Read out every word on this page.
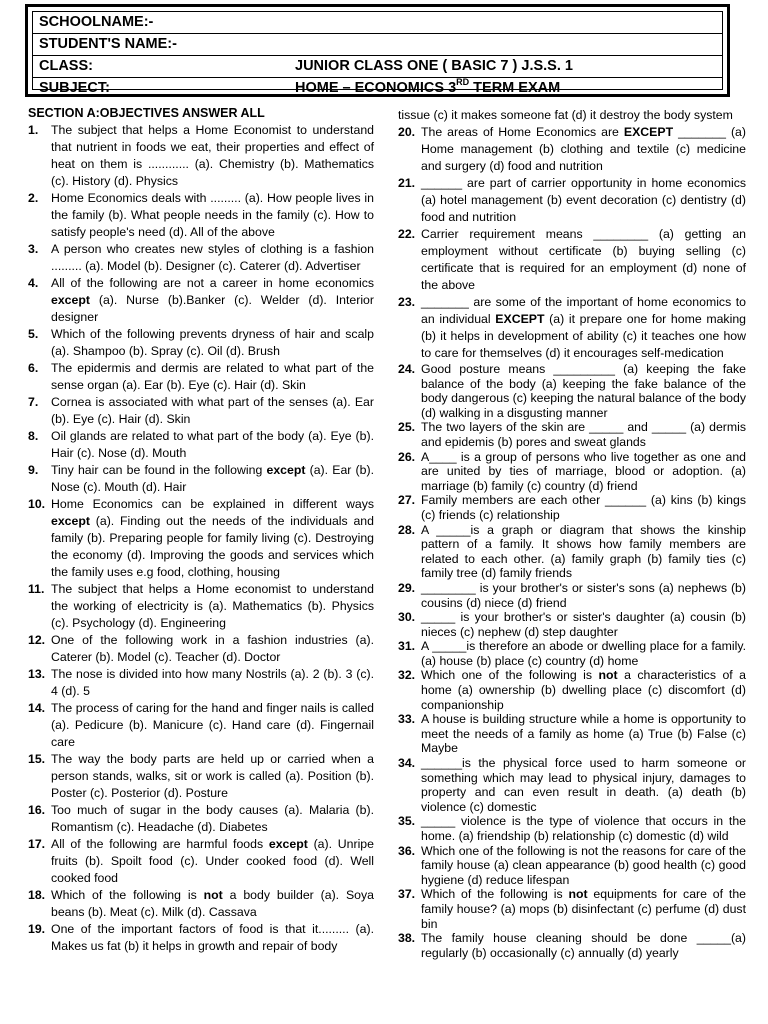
SCHOOLNAME:-
STUDENT'S NAME:-
CLASS:	JUNIOR CLASS ONE ( BASIC 7 ) J.S.S. 1
SUBJECT:	HOME – ECONOMICS 3RD TERM EXAM
SECTION A:OBJECTIVES ANSWER ALL
1. The subject that helps a Home Economist to understand that nutrient in foods we eat, their properties and effect of heat on them is ............ (a). Chemistry (b). Mathematics (c). History (d). Physics
2. Home Economics deals with ......... (a). How people lives in the family (b). What people needs in the family (c). How to satisfy people's need (d). All of the above
3. A person who creates new styles of clothing is a fashion ......... (a). Model (b). Designer (c). Caterer (d). Advertiser
4. All of the following are not a career in home economics except (a). Nurse (b).Banker (c). Welder (d). Interior designer
5. Which of the following prevents dryness of hair and scalp (a). Shampoo (b). Spray (c). Oil (d). Brush
6. The epidermis and dermis are related to what part of the sense organ (a). Ear (b). Eye (c). Hair (d). Skin
7. Cornea is associated with what part of the senses (a). Ear (b). Eye (c). Hair (d). Skin
8. Oil glands are related to what part of the body (a). Eye (b). Hair (c). Nose (d). Mouth
9. Tiny hair can be found in the following except (a). Ear (b). Nose (c). Mouth (d). Hair
10. Home Economics can be explained in different ways except (a). Finding out the needs of the individuals and family (b). Preparing people for family living (c). Destroying the economy (d). Improving the goods and services which the family uses e.g food, clothing, housing
11. The subject that helps a Home economist to understand the working of electricity is (a). Mathematics (b). Physics (c). Psychology (d). Engineering
12. One of the following work in a fashion industries (a). Caterer (b). Model (c). Teacher (d). Doctor
13. The nose is divided into how many Nostrils (a). 2 (b). 3 (c). 4 (d). 5
14. The process of caring for the hand and finger nails is called (a). Pedicure (b). Manicure (c). Hand care (d). Fingernail care
15. The way the body parts are held up or carried when a person stands, walks, sit or work is called (a). Position (b). Poster (c). Posterior (d). Posture
16. Too much of sugar in the body causes (a). Malaria (b). Romantism (c). Headache (d). Diabetes
17. All of the following are harmful foods except (a). Unripe fruits (b). Spoilt food (c). Under cooked food (d). Well cooked food
18. Which of the following is not a body builder (a). Soya beans (b). Meat (c). Milk (d). Cassava
19. One of the important factors of food is that it......... (a). Makes us fat (b) it helps in growth and repair of body
tissue (c) it makes someone fat (d) it destroy the body system
20. The areas of Home Economics are EXCEPT _______ (a) Home management (b) clothing and textile (c) medicine and surgery (d) food and nutrition
21. ______ are part of carrier opportunity in home economics (a) hotel management (b) event decoration (c) dentistry (d) food and nutrition
22. Carrier requirement means ________ (a) getting an employment without certificate (b) buying selling (c) certificate that is required for an employment (d) none of the above
23. _______ are some of the important of home economics to an individual EXCEPT (a) it prepare one for home making (b) it helps in development of ability (c) it teaches one how to care for themselves (d) it encourages self-medication
24. Good posture means _________ (a) keeping the fake balance of the body (a) keeping the fake balance of the body dangerous (c) keeping the natural balance of the body (d) walking in a disgusting manner
25. The two layers of the skin are _____ and _____ (a) dermis and epidemis (b) pores and sweat glands
26. A____ is a group of persons who live together as one and are united by ties of marriage, blood or adoption. (a) marriage (b) family (c) country (d) friend
27. Family members are each other ______ (a) kins (b) kings (c) friends (c) relationship
28. A _____is a graph or diagram that shows the kinship pattern of a family. It shows how family members are related to each other. (a) family graph (b) family ties (c) family tree (d) family friends
29. ________ is your brother's or sister's sons (a) nephews (b) cousins (d) niece (d) friend
30. _____ is your brother's or sister's daughter (a) cousin (b) nieces (c) nephew (d) step daughter
31. A _____is therefore an abode or dwelling place for a family. (a) house (b) place (c) country (d) home
32. Which one of the following is not a characteristics of a home (a) ownership (b) dwelling place (c) discomfort (d) companionship
33. A house is building structure while a home is opportunity to meet the needs of a family as home (a) True (b) False (c) Maybe
34. ______is the physical force used to harm someone or something which may lead to physical injury, damages to property and can even result in death. (a) death (b) violence (c) domestic
35. _____ violence is the type of violence that occurs in the home. (a) friendship (b) relationship (c) domestic (d) wild
36. Which one of the following is not the reasons for care of the family house (a) clean appearance (b) good health (c) good hygiene (d) reduce lifespan
37. Which of the following is not equipments for care of the family house? (a) mops (b) disinfectant (c) perfume (d) dust bin
38. The family house cleaning should be done _____(a) regularly (b) occasionally (c) annually (d) yearly
